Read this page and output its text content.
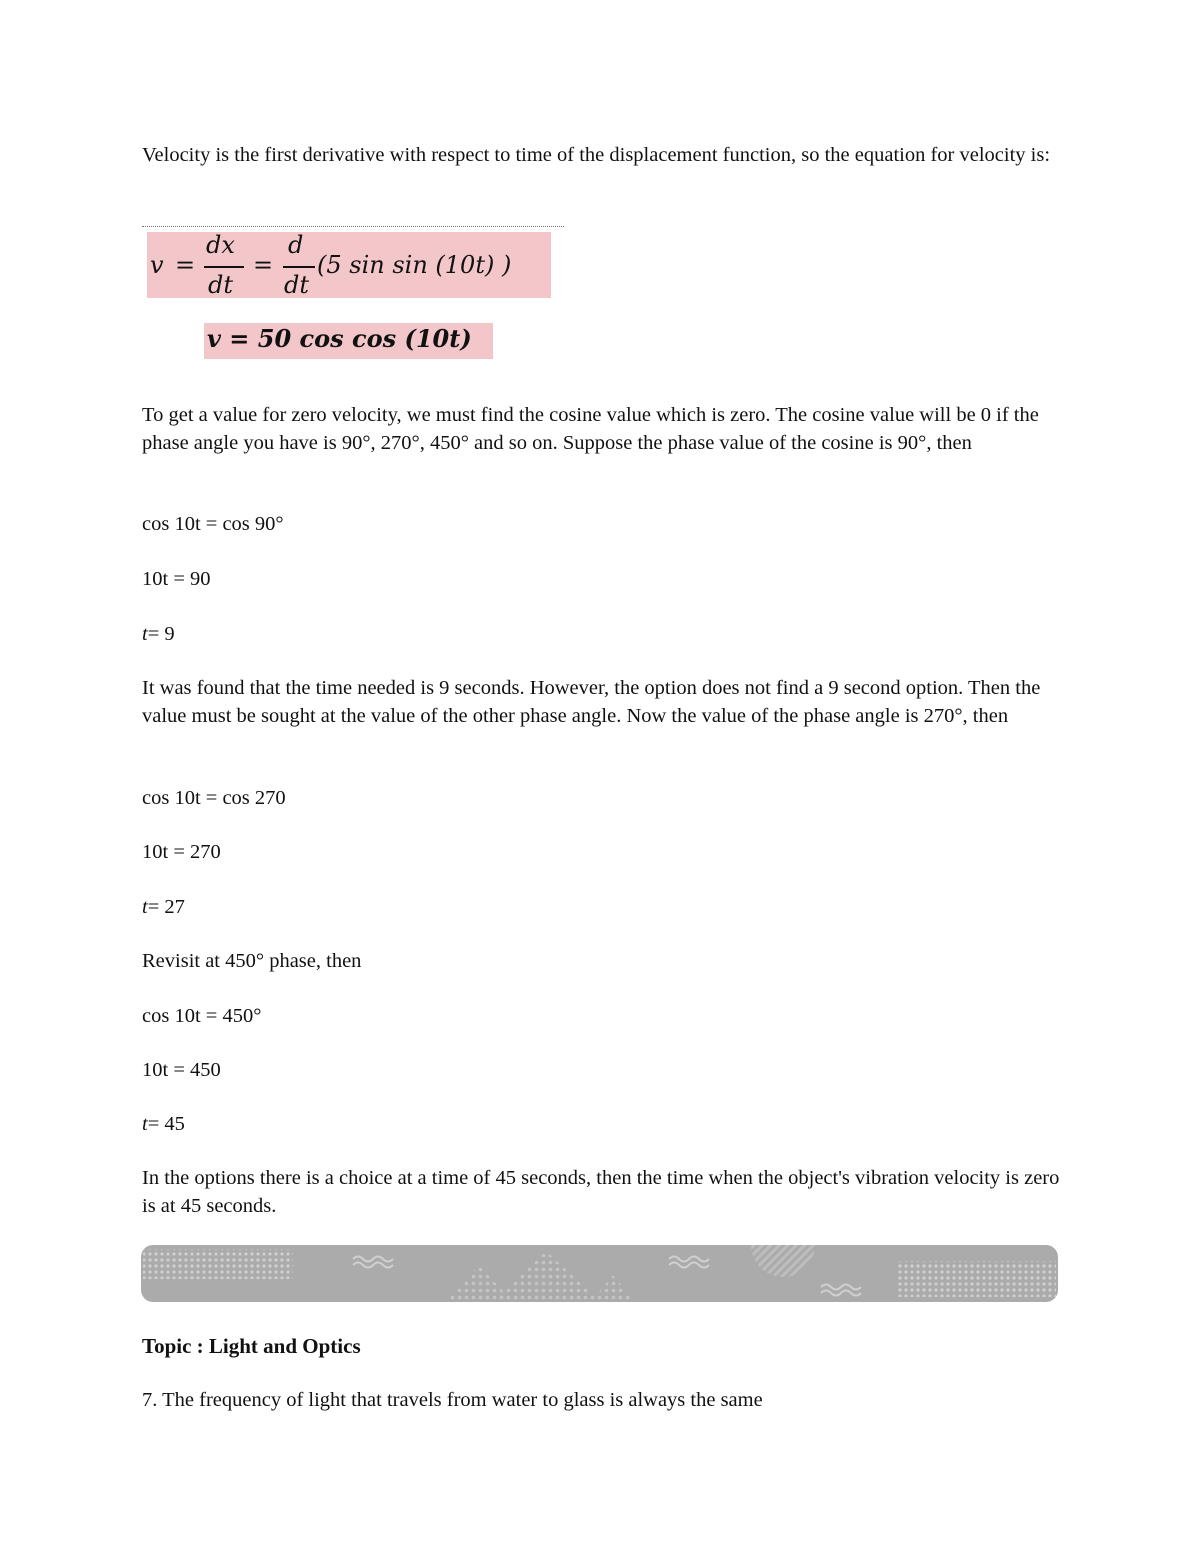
Velocity is the first derivative with respect to time of the displacement function, so the equation for velocity is:

v =
dx
dt
=
d
dt
(5 sin sin (10t) )
v = 50 cos cos (10t)

To get a value for zero velocity, we must find the cosine value which is zero. The cosine value will be 0 if the phase angle you have is 90°, 270°, 450° and so on. Suppose the phase value of the cosine is 90°, then

cos 10t = cos 90°

10t = 90

t= 9

It was found that the time needed is 9 seconds. However, the option does not find a 9 second option. Then the value must be sought at the value of the other phase angle. Now the value of the phase angle is 270°, then

cos 10t = cos 270

10t = 270

t= 27

Revisit at 450° phase, then

cos 10t = 450°

10t = 450

t= 45

In the options there is a choice at a time of 45 seconds, then the time when the object's vibration velocity is zero is at 45 seconds.

Topic : Light and Optics

7. The frequency of light that travels from water to glass is always the same
